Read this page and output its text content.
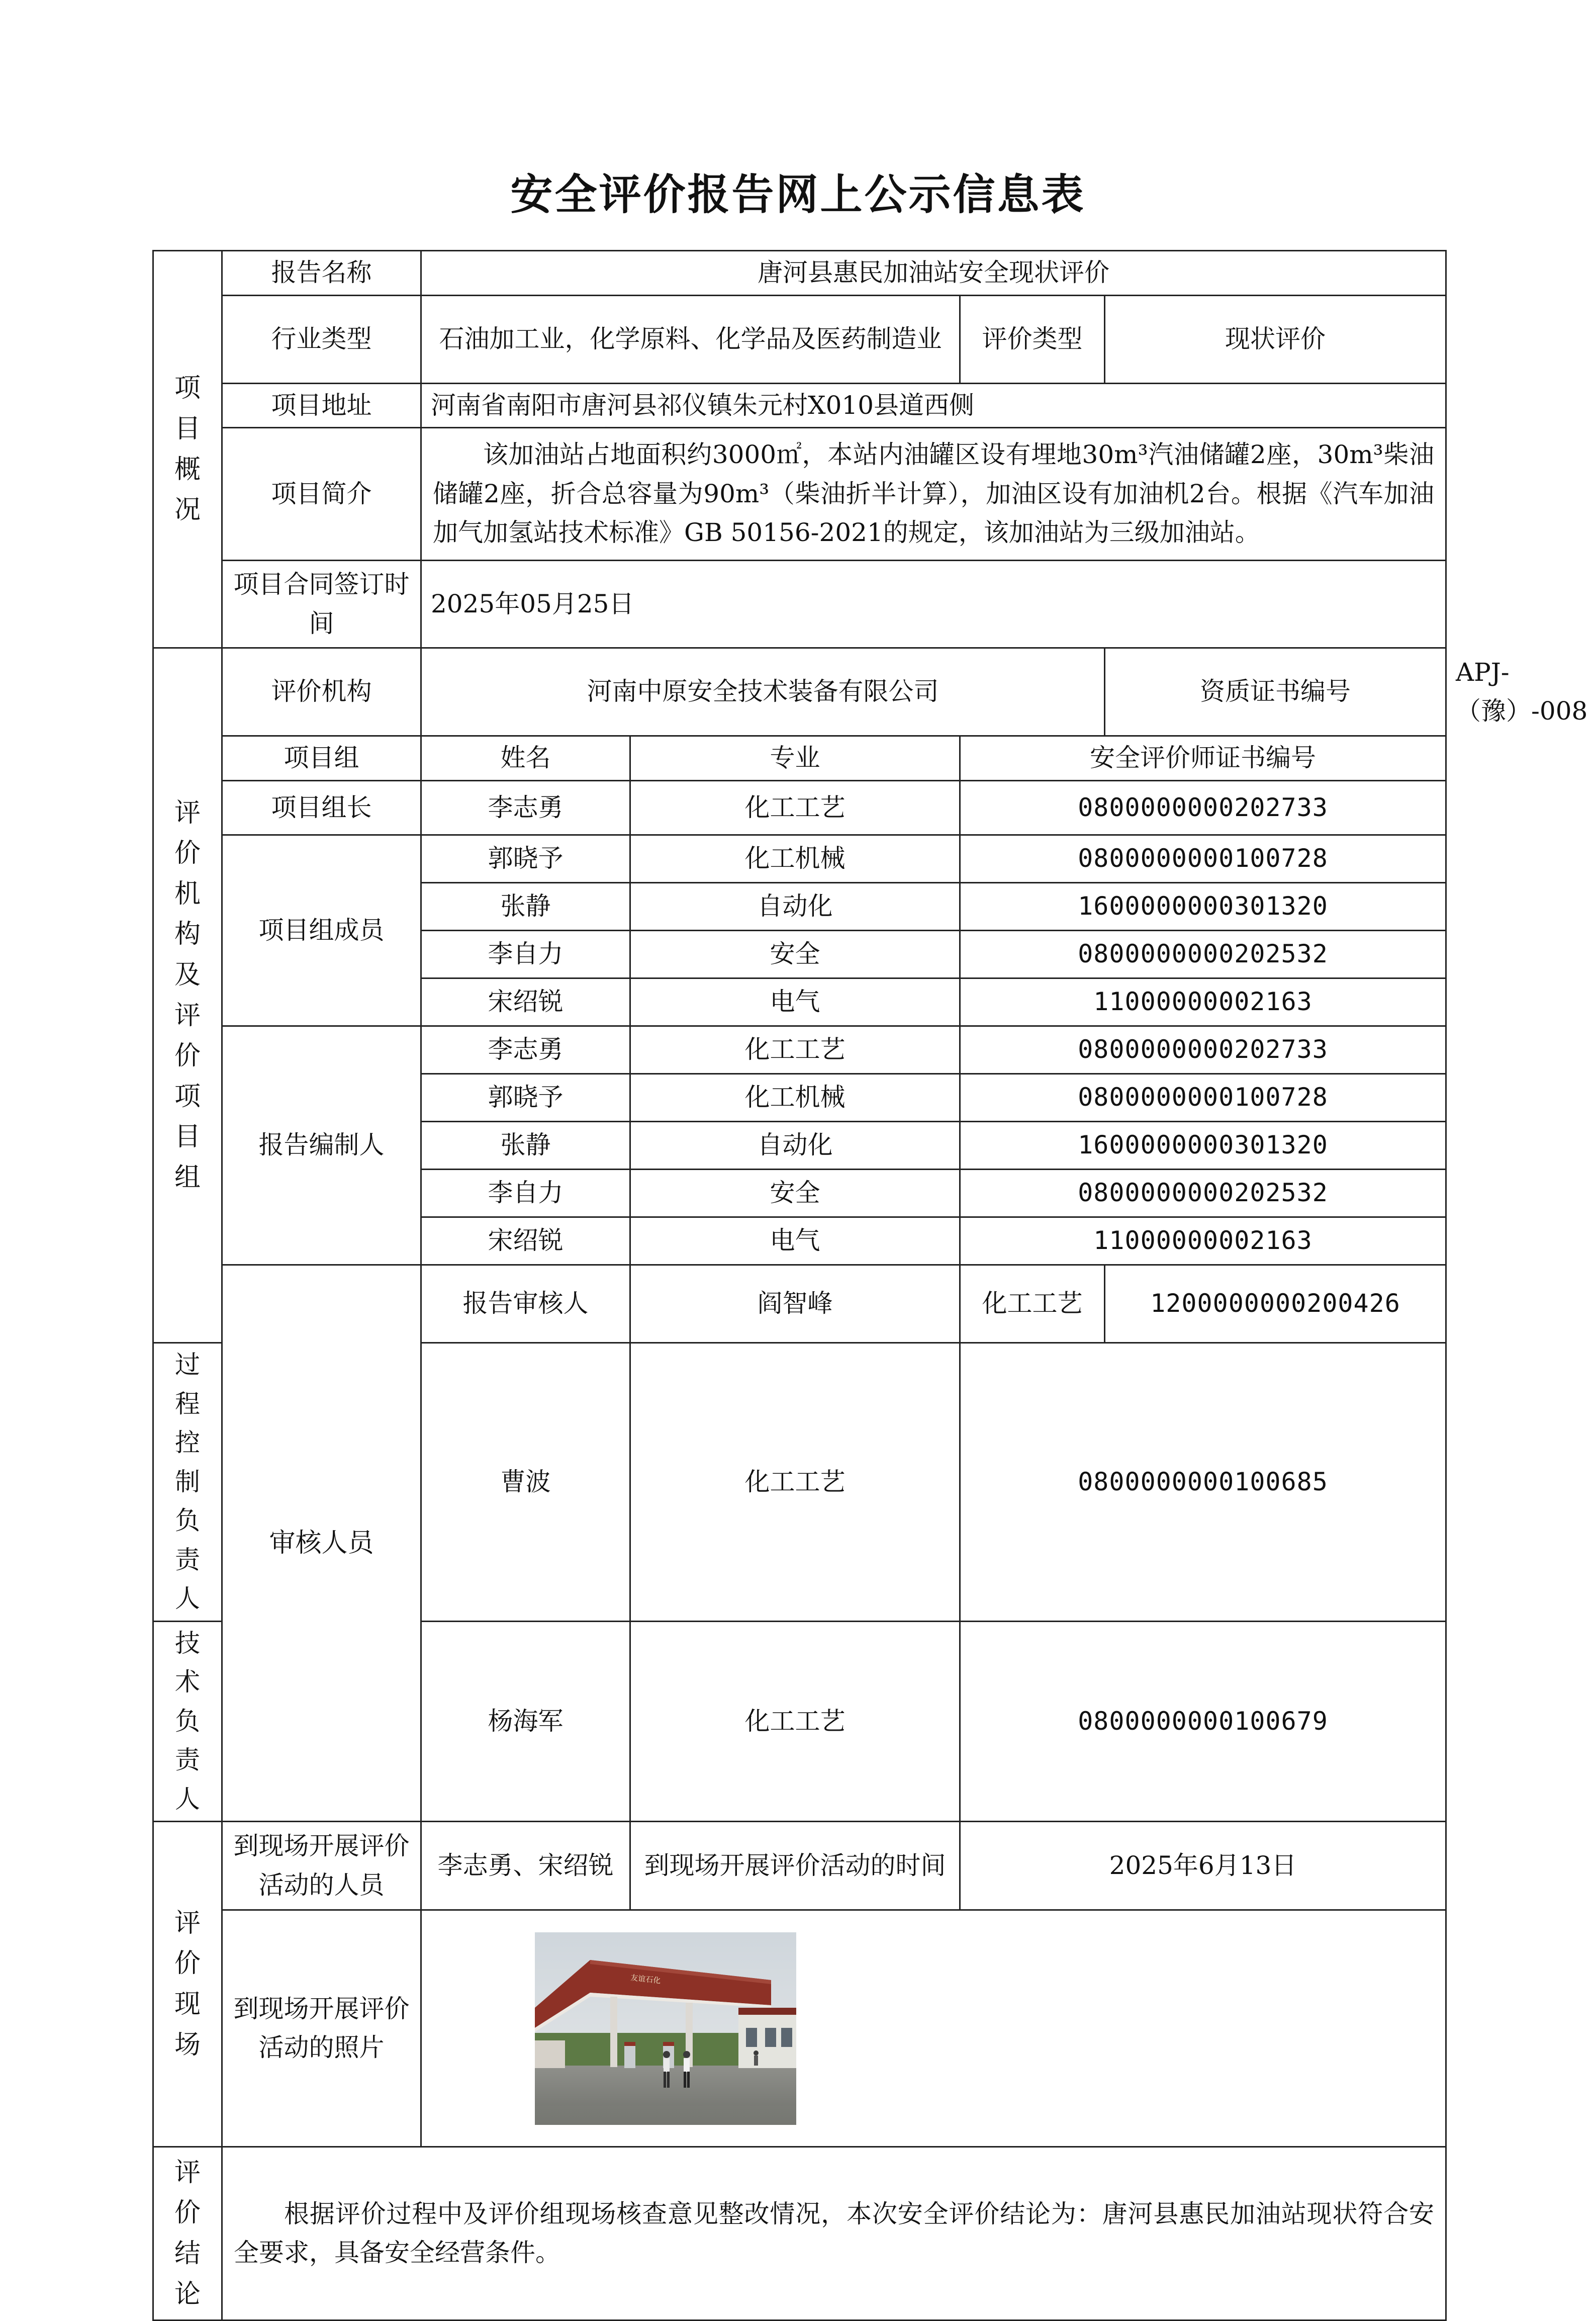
安全评价报告网上公示信息表
项目概况	报告名称	唐河县惠民加油站安全现状评价				
	行业类型	石油加工业，化学原料、化学品及医药制造业		评价类型	现状评价	
	项目地址	河南省南阳市唐河县祁仪镇朱元村X010县道西侧				
	项目简介	该加油站占地面积约3000㎡，本站内油罐区设有埋地30m³汽油储罐2座，30m³柴油储罐2座，折合总容量为90m³（柴油折半计算），加油区设有加油机2台。根据《汽车加油加气加氢站技术标准》GB 50156-2021的规定，该加油站为三级加油站。				

	项目合同签订时间	2025年05月25日				
评价机构及评价项目组	评价机构	河南中原安全技术装备有限公司			资质证书编号	APJ-（豫）-008
	项目组	姓名	专业	安全评价师证书编号		
	项目组长	李志勇	化工工艺	0800000000202733		
	项目组成员	郭晓予	化工机械	0800000000100728		
		张静	自动化	1600000000301320		
		李自力	安全	0800000000202532		
		宋绍锐	电气	11000000002163		
	报告编制人	李志勇	化工工艺	0800000000202733		
		郭晓予	化工机械	0800000000100728		
		张静	自动化	1600000000301320		
		李自力	安全	0800000000202532		
		宋绍锐	电气	11000000002163		
	审核人员	报告审核人	阎智峰	化工工艺	1200000000200426	
过程控制负责人		曹波	化工工艺	0800000000100685		
技术负责人		杨海军	化工工艺	0800000000100679		
评价现场	到现场开展评价活动的人员	李志勇、宋绍锐	到现场开展评价活动的时间	2025年6月13日		
	到现场开展评价活动的照片	友谊石化				

评价结论	根据评价过程中及评价组现场核查意见整改情况，本次安全评价结论为：唐河县惠民加油站现状符合安全要求，具备安全经营条件。					
